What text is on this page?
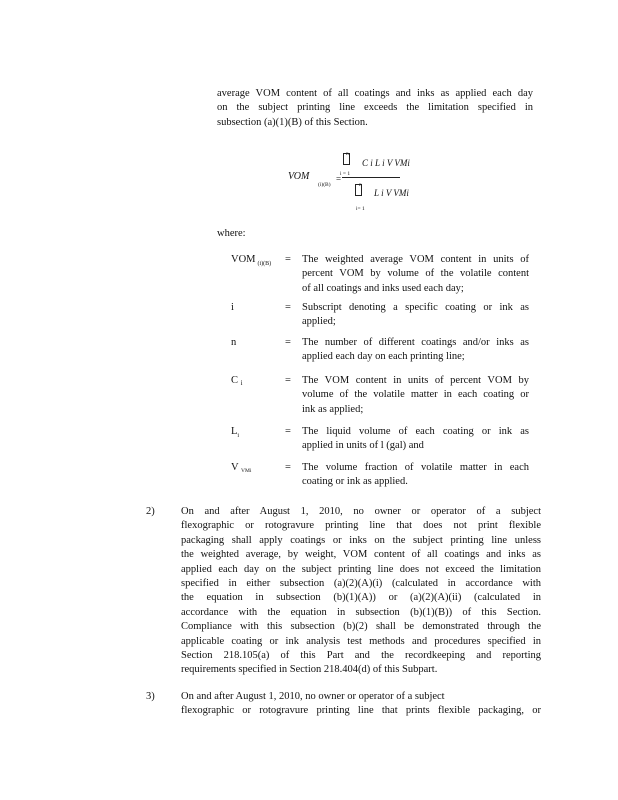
average VOM content of all coatings and inks as applied each day
on the subject printing line exceeds the limitation specified in
subsection (a)(1)(B) of this Section.
VOM
(i)(B)
=
n
i = 1
C i L i V VMi
n
i= 1
L i V VMi
where:
VOM $_{(i)(B)}$ = The weighted average VOM content in units of
percent VOM by volume of the volatile content
of all coatings and inks used each day;
i	= Subscript denoting a specific coating or ink as
applied;
n	= The number of different coatings and/or inks as
applied each day on each printing line;
C i	= The VOM content in units of percent VOM by
volume of the volatile matter in each coating or
ink as applied;
$L_i$	= The liquid volume of each coating or ink as
applied in units of l (gal) and
V VMi	= The volume fraction of volatile matter in each
coating or ink as applied.
2)	On and after August 1, 2010, no owner or operator of a subject
flexographic or rotogravure printing line that does not print flexible
packaging shall apply coatings or inks on the subject printing line unless
the weighted average, by weight, VOM content of all coatings and inks as
applied each day on the subject printing line does not exceed the limitation
specified in either subsection (a)(2)(A)(i) (calculated in accordance with
the equation in subsection (b)(1)(A)) or (a)(2)(A)(ii) (calculated in
accordance with the equation in subsection (b)(1)(B)) of this Section.
Compliance with this subsection (b)(2) shall be demonstrated through the
applicable coating or ink analysis test methods and procedures specified in
Section 218.105(a) of this Part and the recordkeeping and reporting
requirements specified in Section 218.404(d) of this Subpart.
3)	On and after August 1, 2010, no owner or operator of a subject
flexographic or rotogravure printing line that prints flexible packaging, or
